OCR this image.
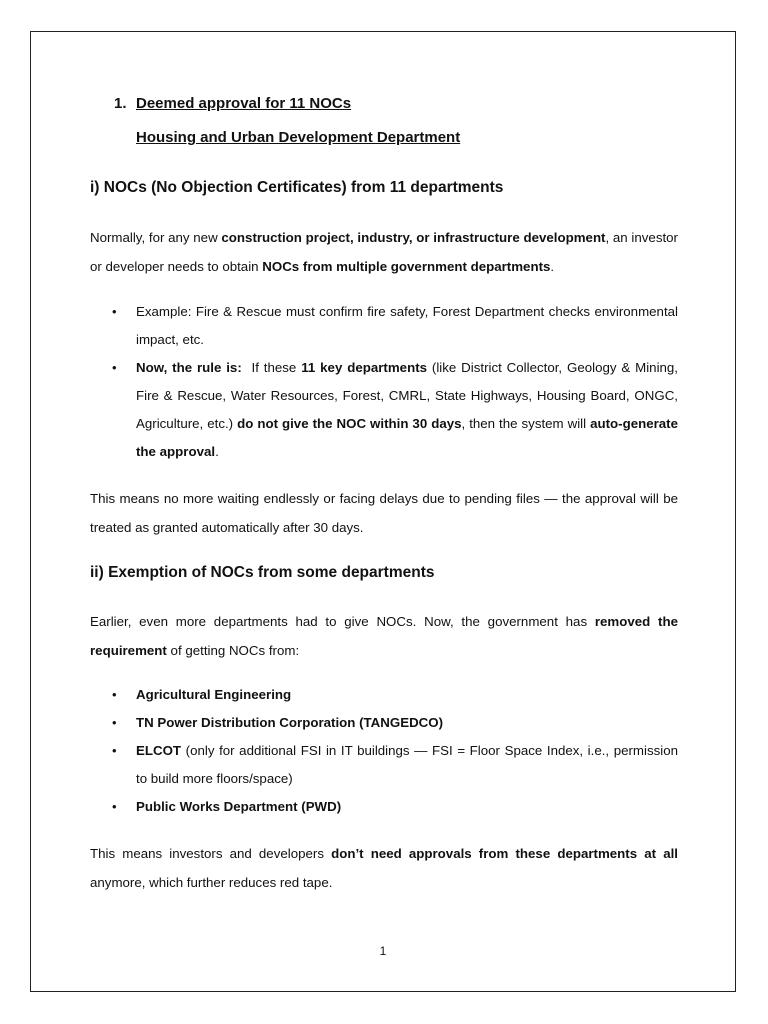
1. Deemed approval for 11 NOCs
Housing and Urban Development Department
i) NOCs (No Objection Certificates) from 11 departments

Normally, for any new construction project, industry, or infrastructure development, an investor or developer needs to obtain NOCs from multiple government departments.

• Example: Fire & Rescue must confirm fire safety, Forest Department checks environmental impact, etc.
• Now, the rule is:  If these 11 key departments (like District Collector, Geology & Mining, Fire & Rescue, Water Resources, Forest, CMRL, State Highways, Housing Board, ONGC, Agriculture, etc.) do not give the NOC within 30 days, then the system will auto-generate the approval.

This means no more waiting endlessly or facing delays due to pending files — the approval will be treated as granted automatically after 30 days.

ii) Exemption of NOCs from some departments

Earlier, even more departments had to give NOCs. Now, the government has removed the requirement of getting NOCs from:

• Agricultural Engineering
• TN Power Distribution Corporation (TANGEDCO)
• ELCOT (only for additional FSI in IT buildings — FSI = Floor Space Index, i.e., permission to build more floors/space)
• Public Works Department (PWD)

This means investors and developers don’t need approvals from these departments at all anymore, which further reduces red tape.

1
